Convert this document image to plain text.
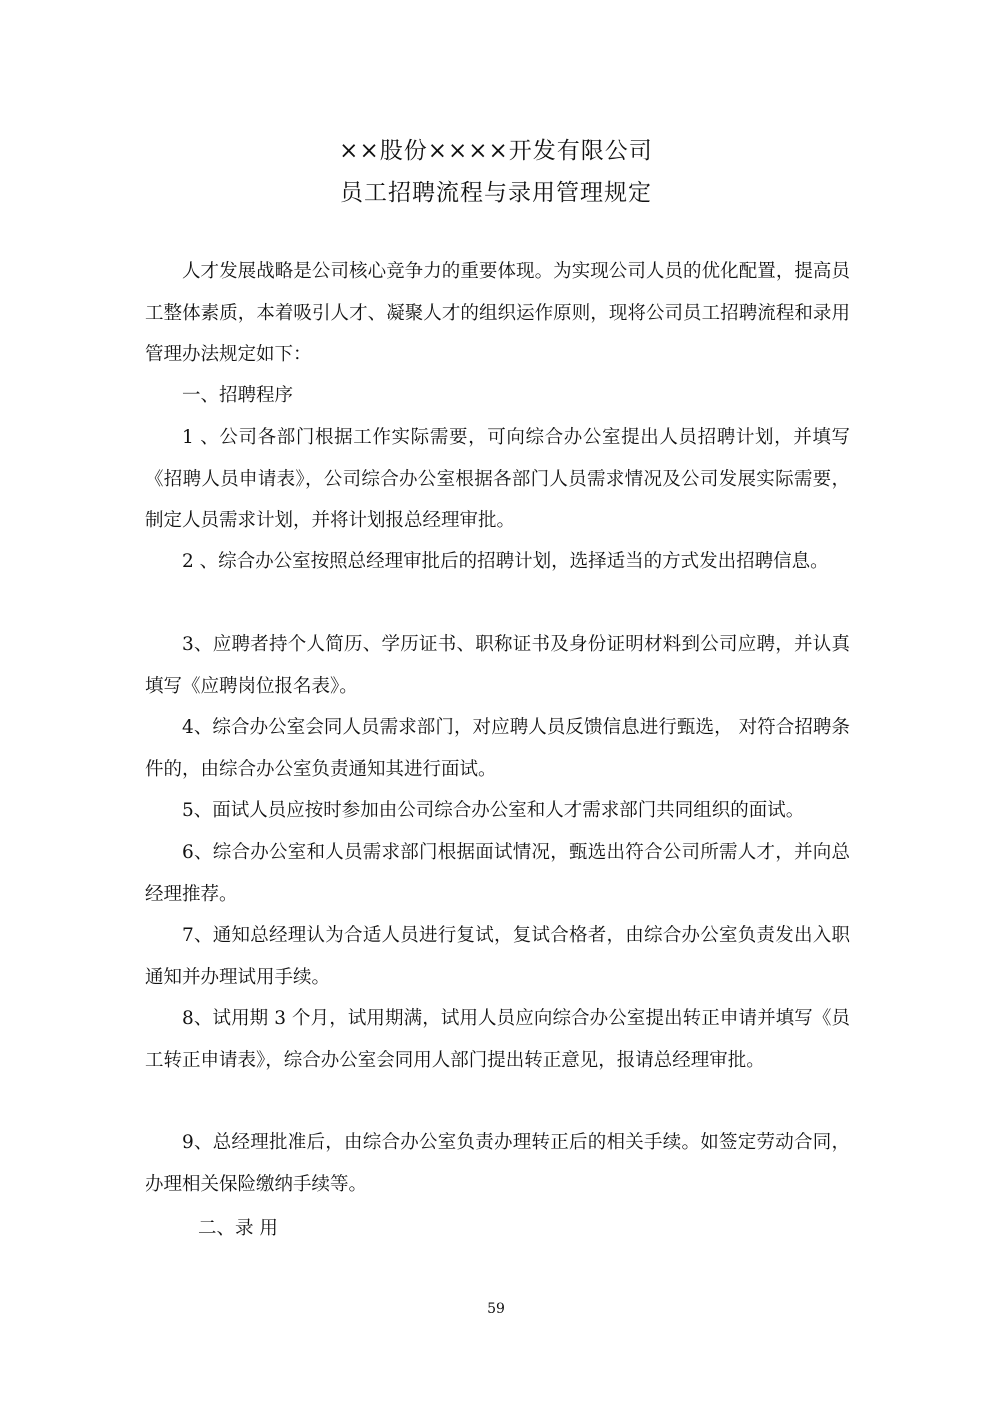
××股份××××开发有限公司
员工招聘流程与录用管理规定

人才发展战略是公司核心竞争力的重要体现。为实现公司人员的优化配置，提高员工整体素质，本着吸引人才、凝聚人才的组织运作原则，现将公司员工招聘流程和录用管理办法规定如下：

一、招聘程序

1 、公司各部门根据工作实际需要，可向综合办公室提出人员招聘计划，并填写《招聘人员申请表》，公司综合办公室根据各部门人员需求情况及公司发展实际需要，制定人员需求计划，并将计划报总经理审批。

2 、综合办公室按照总经理审批后的招聘计划，选择适当的方式发出招聘信息。

3、应聘者持个人简历、学历证书、职称证书及身份证明材料到公司应聘，并认真填写《应聘岗位报名表》。

4、综合办公室会同人员需求部门，对应聘人员反馈信息进行甄选， 对符合招聘条件的，由综合办公室负责通知其进行面试。

5、面试人员应按时参加由公司综合办公室和人才需求部门共同组织的面试。

6、综合办公室和人员需求部门根据面试情况，甄选出符合公司所需人才，并向总经理推荐。

7、通知总经理认为合适人员进行复试，复试合格者，由综合办公室负责发出入职通知并办理试用手续。

8、试用期 3 个月，试用期满，试用人员应向综合办公室提出转正申请并填写《员工转正申请表》，综合办公室会同用人部门提出转正意见，报请总经理审批。

9、总经理批准后，由综合办公室负责办理转正后的相关手续。如签定劳动合同，办理相关保险缴纳手续等。

二、录 用

59
